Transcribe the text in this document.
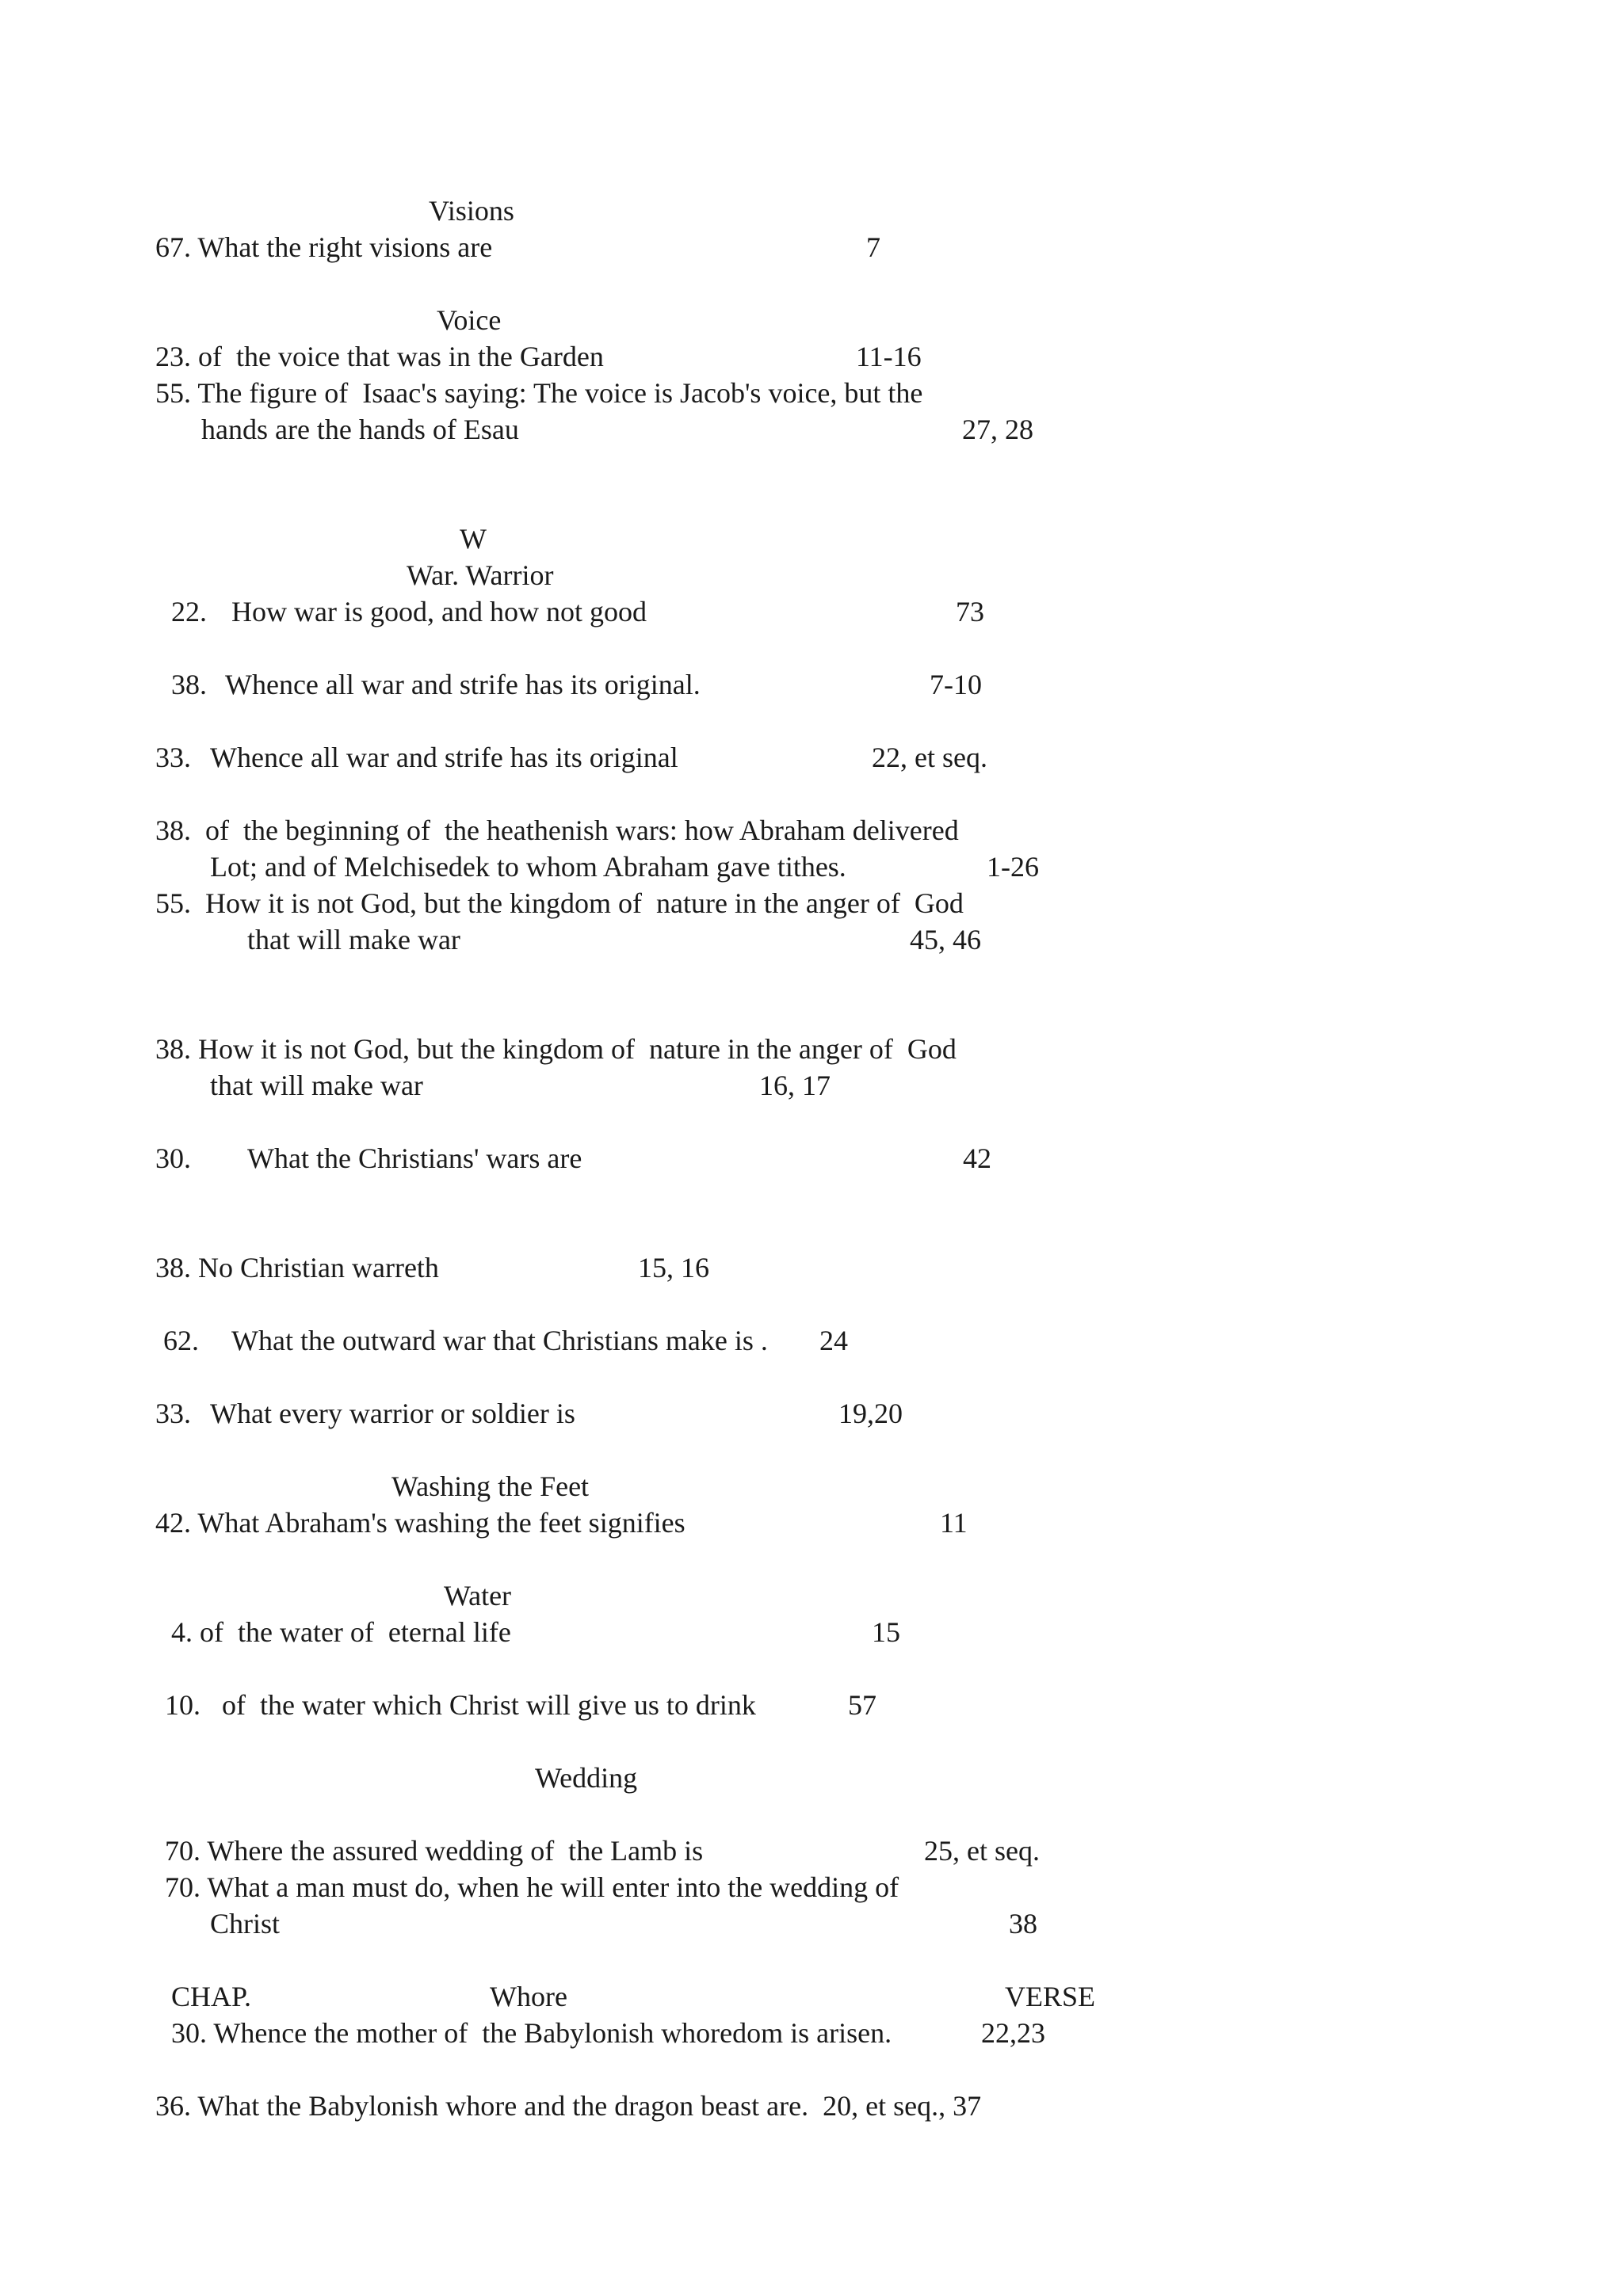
Visions
67. What the right visions are	7
Voice
23. of  the voice that was in the Garden	11-16
55. The figure of  Isaac's saying: The voice is Jacob's voice, but the
hands are the hands of Esau	27, 28
W
War. Warrior
22. How war is good, and how not good	73
38. Whence all war and strife has its original.	7-10
33. Whence all war and strife has its original	22, et seq.
38.  of  the beginning of  the heathenish wars: how Abraham delivered
Lot; and of Melchisedek to whom Abraham gave tithes.	1-26
55.  How it is not God, but the kingdom of  nature in the anger of  God
that will make war	45, 46
38. How it is not God, but the kingdom of  nature in the anger of  God
that will make war	16, 17
30. What the Christians' wars are	42
38. No Christian warreth	15, 16
62. What the outward war that Christians make is . 24
33. What every warrior or soldier is	19,20
Washing the Feet
42. What Abraham's washing the feet signifies	11
Water
4. of  the water of  eternal life	15
10. of  the water which Christ will give us to drink	57
Wedding
70. Where the assured wedding of  the Lamb is	25, et seq.
70. What a man must do, when he will enter into the wedding of
Christ	38
CHAP.	Whore	VERSE
30. Whence the mother of  the Babylonish whoredom is arisen.	22,23
36. What the Babylonish whore and the dragon beast are.  20, et seq., 37
